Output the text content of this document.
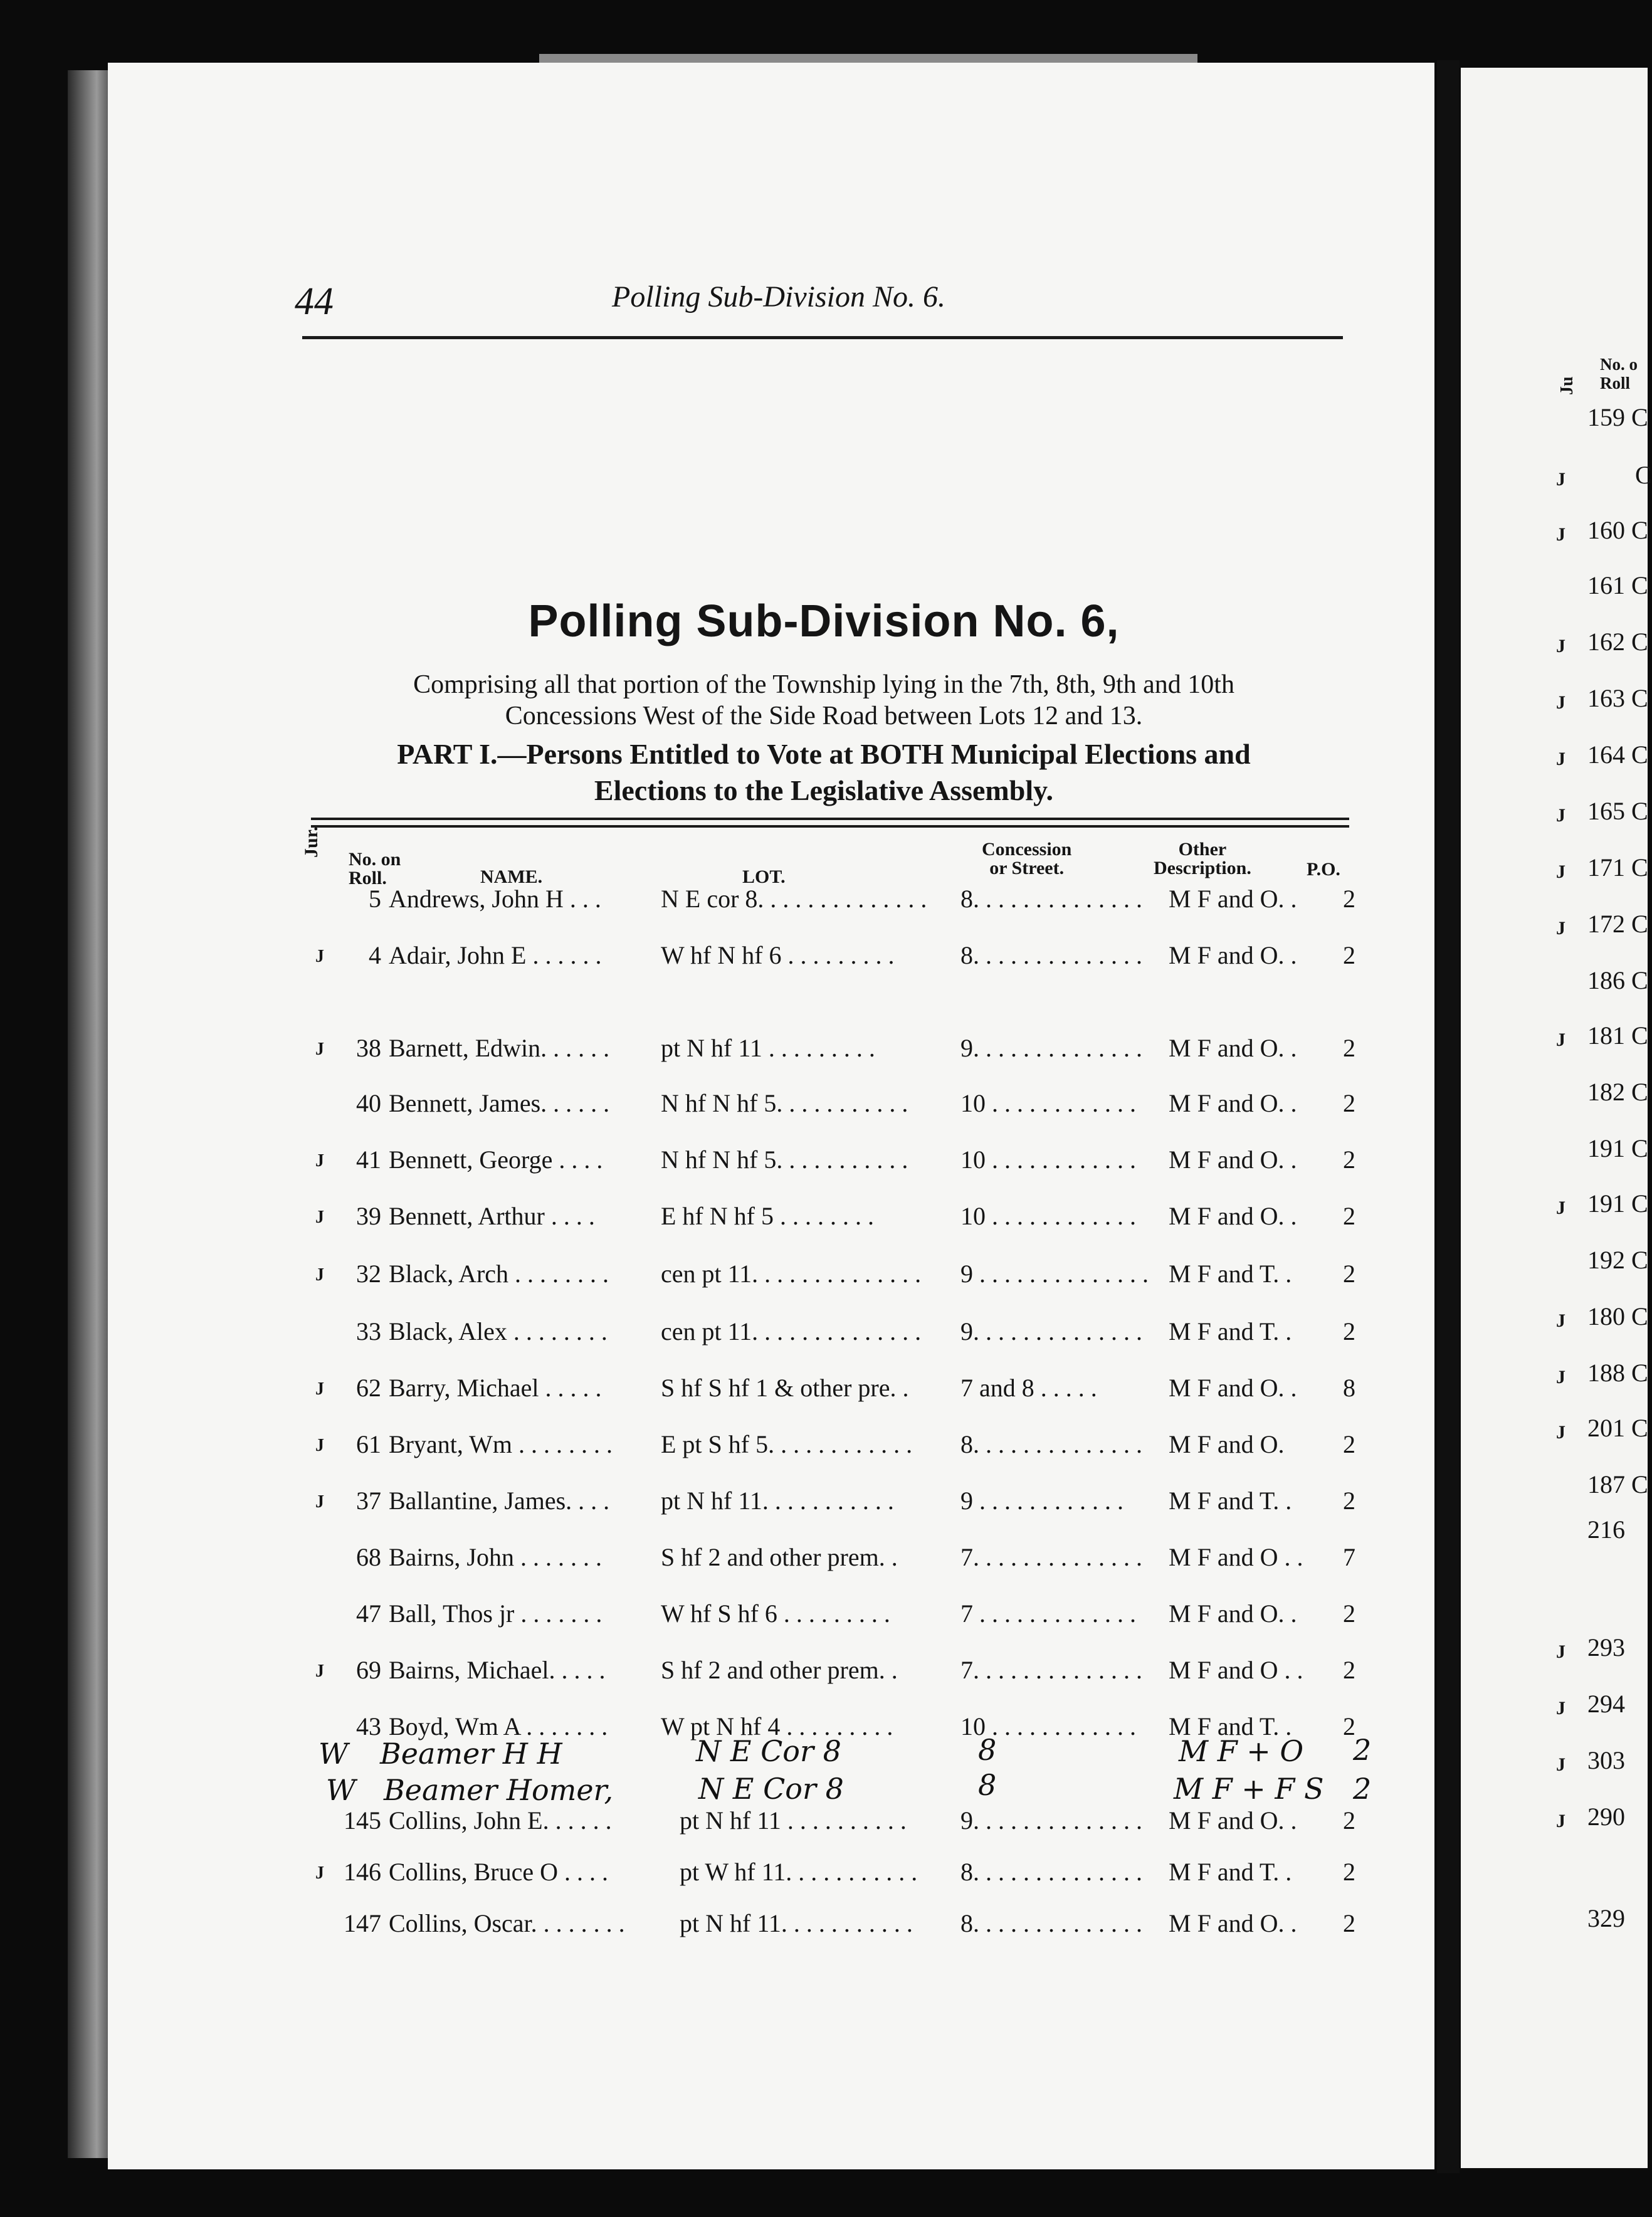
44	Polling Sub-Division No. 6.
Polling Sub-Division No. 6,
Comprising all that portion of the Township lying in the 7th, 8th, 9th and 10th
Concessions West of the Side Road between Lots 12 and 13.
PART I.—Persons Entitled to Vote at BOTH Municipal Elections and
Elections to the Legislative Assembly.
Jur.
No. on
Roll.	NAME.	LOT.
Concession
or Street.
Other
Description.	P.O.
5 Andrews, John H . . . N E cor 8. . . . . . . . . . . . . . 8. . . . . . . . . . . . . . M F and O. . 2
J 4 Adair, John E . . . . . . W hf N hf 6 . . . . . . . . .	8. . . . . . . . . . . . . . M F and O. . 2
J 38 Barnett, Edwin. . . . . . pt N hf 11 . . . . . . . . .	9. . . . . . . . . . . . . . M F and O. . 2
40 Bennett, James. . . . . . N hf N hf 5. . . . . . . . . . . 10 . . . . . . . . . . . . M F and O. . 2
J 41 Bennett, George . . . . N hf N hf 5. . . . . . . . . . . 10 . . . . . . . . . . . . M F and O. . 2
J 39 Bennett, Arthur . . . .	E hf N hf 5 . . . . . . . .	10 . . . . . . . . . . . . M F and O. . 2
J 32 Black, Arch . . . . . . . . cen pt 11. . . . . . . . . . . . . . 9 . . . . . . . . . . . . . . M F and T. . 2
33 Black, Alex . . . . . . . . cen pt 11. . . . . . . . . . . . . . 9. . . . . . . . . . . . . . M F and T. . 2
J 62 Barry, Michael . . . . . S hf S hf 1 & other pre. . 7 and 8 . . . . .	M F and O. . 8
J 61 Bryant, Wm . . . . . . . . E pt S hf 5. . . . . . . . . . . . 8. . . . . . . . . . . . . . M F and O. 2
J 37 Ballantine, James. . . . pt N hf 11. . . . . . . . . . .	9 . . . . . . . . . . . . M F and T. . 2
68 Bairns, John . . . . . . . S hf 2 and other prem. .	7. . . . . . . . . . . . . . M F and O . . 7
47 Ball, Thos jr . . . . . . . W hf S hf 6 . . . . . . . . .	7 . . . . . . . . . . . . . M F and O. . 2
J 69 Bairns, Michael. . . . . S hf 2 and other prem. .	7. . . . . . . . . . . . . . M F and O . . 2
43 Boyd, Wm A . . . . . . . W pt N hf 4 . . . . . . . . .	10 . . . . . . . . . . . . M F and T. . 2
145 Collins, John E. . . . . .	pt N hf 11 . . . . . . . . . . 9. . . . . . . . . . . . . . M F and O. . 2
J 146 Collins, Bruce O . . . .	pt W hf 11. . . . . . . . . . . 8. . . . . . . . . . . . . . M F and T. . 2
147 Collins, Oscar. . . . . . . . pt N hf 11. . . . . . . . . . . 8. . . . . . . . . . . . . . M F and O. . 2
W Beamer H H	N E Cor 8	8	M F + O 2
W Beamer Homer,	N E Cor 8	8	M F + F S 2
No. o
Roll
Ju
159 C
J	C
J 160 C
161 C
J 162 C
J 163 C
J 164 C
J 165 C
J 171 C
J 172 C
186 C
J 181 C
182 C
191 C
J 191 C
192 C
J 180 C
J 188 C
J 201 C
187 C
216
J 293
J 294
J 303
J 290
329
